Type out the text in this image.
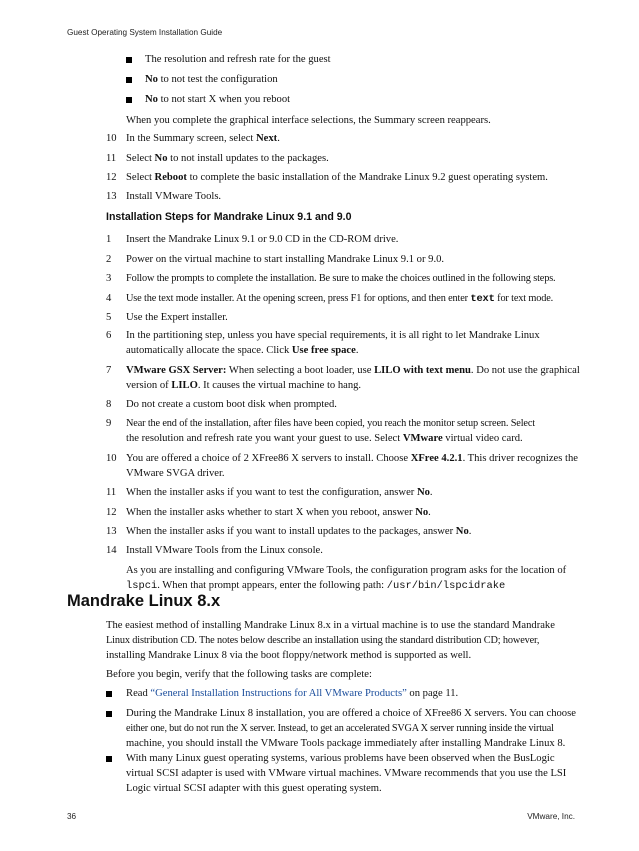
Guest Operating System Installation Guide
The resolution and refresh rate for the guest
No to not test the configuration
No to not start X when you reboot
When you complete the graphical interface selections, the Summary screen reappears.
10 In the Summary screen, select Next.
11 Select No to not install updates to the packages.
12 Select Reboot to complete the basic installation of the Mandrake Linux 9.2 guest operating system.
13 Install VMware Tools.
Installation Steps for Mandrake Linux 9.1 and 9.0
1 Insert the Mandrake Linux 9.1 or 9.0 CD in the CD-ROM drive.
2 Power on the virtual machine to start installing Mandrake Linux 9.1 or 9.0.
3 Follow the prompts to complete the installation. Be sure to make the choices outlined in the following steps.
4 Use the text mode installer. At the opening screen, press F1 for options, and then enter text for text mode.
5 Use the Expert installer.
6 In the partitioning step, unless you have special requirements, it is all right to let Mandrake Linux
automatically allocate the space. Click Use free space.
7 VMware GSX Server: When selecting a boot loader, use LILO with text menu. Do not use the graphical
version of LILO. It causes the virtual machine to hang.
8 Do not create a custom boot disk when prompted.
9 Near the end of the installation, after files have been copied, you reach the monitor setup screen. Select
the resolution and refresh rate you want your guest to use. Select VMware virtual video card.
10 You are offered a choice of 2 XFree86 X servers to install. Choose XFree 4.2.1. This driver recognizes the
VMware SVGA driver.
11 When the installer asks if you want to test the configuration, answer No.
12 When the installer asks whether to start X when you reboot, answer No.
13 When the installer asks if you want to install updates to the packages, answer No.
14 Install VMware Tools from the Linux console.
As you are installing and configuring VMware Tools, the configuration program asks for the location of
lspci. When that prompt appears, enter the following path: /usr/bin/lspcidrake
Mandrake Linux 8.x
The easiest method of installing Mandrake Linux 8.x in a virtual machine is to use the standard Mandrake
Linux distribution CD. The notes below describe an installation using the standard distribution CD; however,
installing Mandrake Linux 8 via the boot floppy/network method is supported as well.
Before you begin, verify that the following tasks are complete:
Read “General Installation Instructions for All VMware Products” on page 11.
During the Mandrake Linux 8 installation, you are offered a choice of XFree86 X servers. You can choose
either one, but do not run the X server. Instead, to get an accelerated SVGA X server running inside the virtual
machine, you should install the VMware Tools package immediately after installing Mandrake Linux 8.
With many Linux guest operating systems, various problems have been observed when the BusLogic
virtual SCSI adapter is used with VMware virtual machines. VMware recommends that you use the LSI
Logic virtual SCSI adapter with this guest operating system.
36	VMware, Inc.
